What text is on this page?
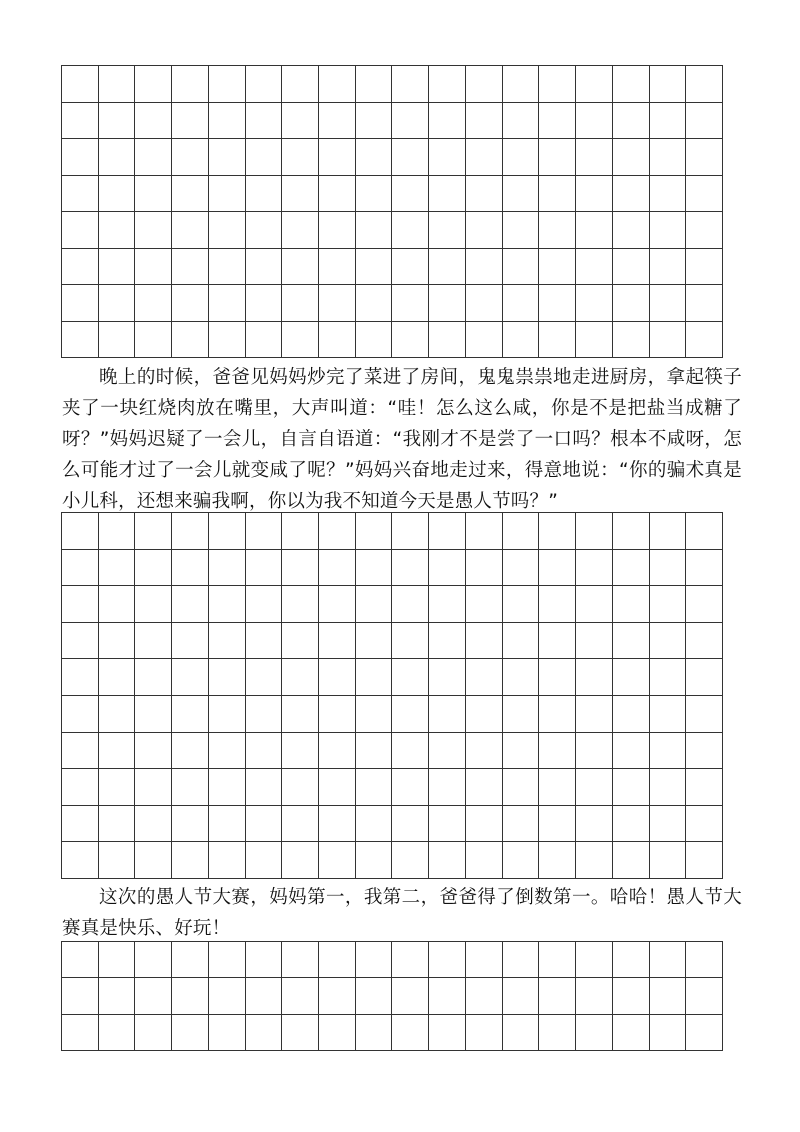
晚上的时候，爸爸见妈妈炒完了菜进了房间，鬼鬼祟祟地走进厨房，拿起筷子夹了一块红烧肉放在嘴里，大声叫道：“哇！怎么这么咸，你是不是把盐当成糖了呀？”妈妈迟疑了一会儿，自言自语道：“我刚才不是尝了一口吗？根本不咸呀，怎么可能才过了一会儿就变咸了呢？”妈妈兴奋地走过来，得意地说：“你的骗术真是小儿科，还想来骗我啊，你以为我不知道今天是愚人节吗？”

这次的愚人节大赛，妈妈第一，我第二，爸爸得了倒数第一。哈哈！愚人节大赛真是快乐、好玩！
